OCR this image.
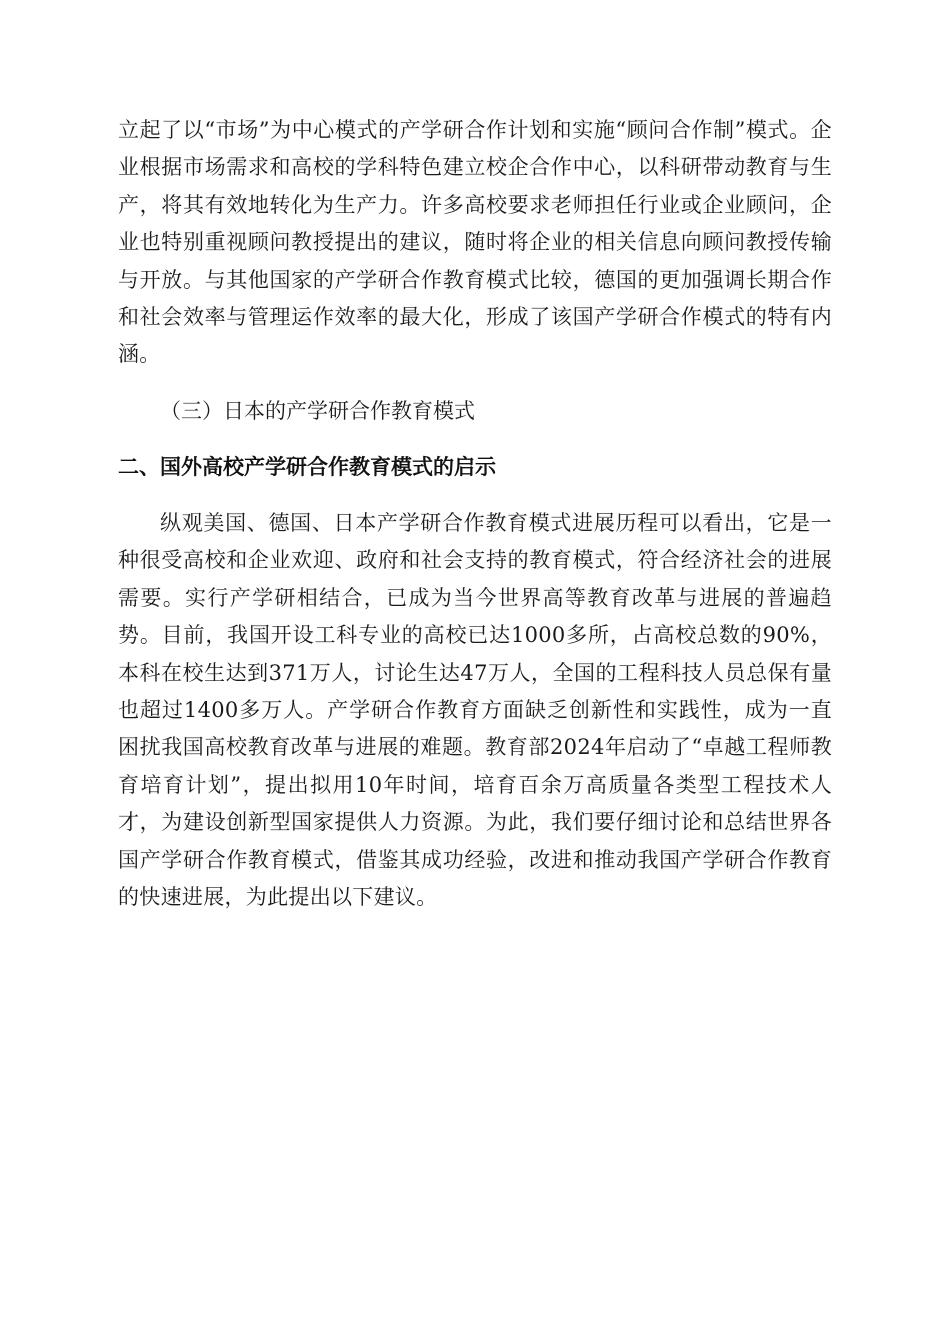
立起了以“市场”为中心模式的产学研合作计划和实施“顾问合作制”模式。企业根据市场需求和高校的学科特色建立校企合作中心，以科研带动教育与生产，将其有效地转化为生产力。许多高校要求老师担任行业或企业顾问，企业也特别重视顾问教授提出的建议，随时将企业的相关信息向顾问教授传输与开放。与其他国家的产学研合作教育模式比较，德国的更加强调长期合作和社会效率与管理运作效率的最大化，形成了该国产学研合作模式的特有内涵。

（三）日本的产学研合作教育模式
二、国外高校产学研合作教育模式的启示

纵观美国、德国、日本产学研合作教育模式进展历程可以看出，它是一种很受高校和企业欢迎、政府和社会支持的教育模式，符合经济社会的进展需要。实行产学研相结合，已成为当今世界高等教育改革与进展的普遍趋势。目前，我国开设工科专业的高校已达1000多所，占高校总数的90%，本科在校生达到371万人，讨论生达47万人，全国的工程科技人员总保有量也超过1400多万人。产学研合作教育方面缺乏创新性和实践性，成为一直困扰我国高校教育改革与进展的难题。教育部2024年启动了“卓越工程师教育培育计划”，提出拟用10年时间，培育百余万高质量各类型工程技术人才，为建设创新型国家提供人力资源。为此，我们要仔细讨论和总结世界各国产学研合作教育模式，借鉴其成功经验，改进和推动我国产学研合作教育的快速进展，为此提出以下建议。
